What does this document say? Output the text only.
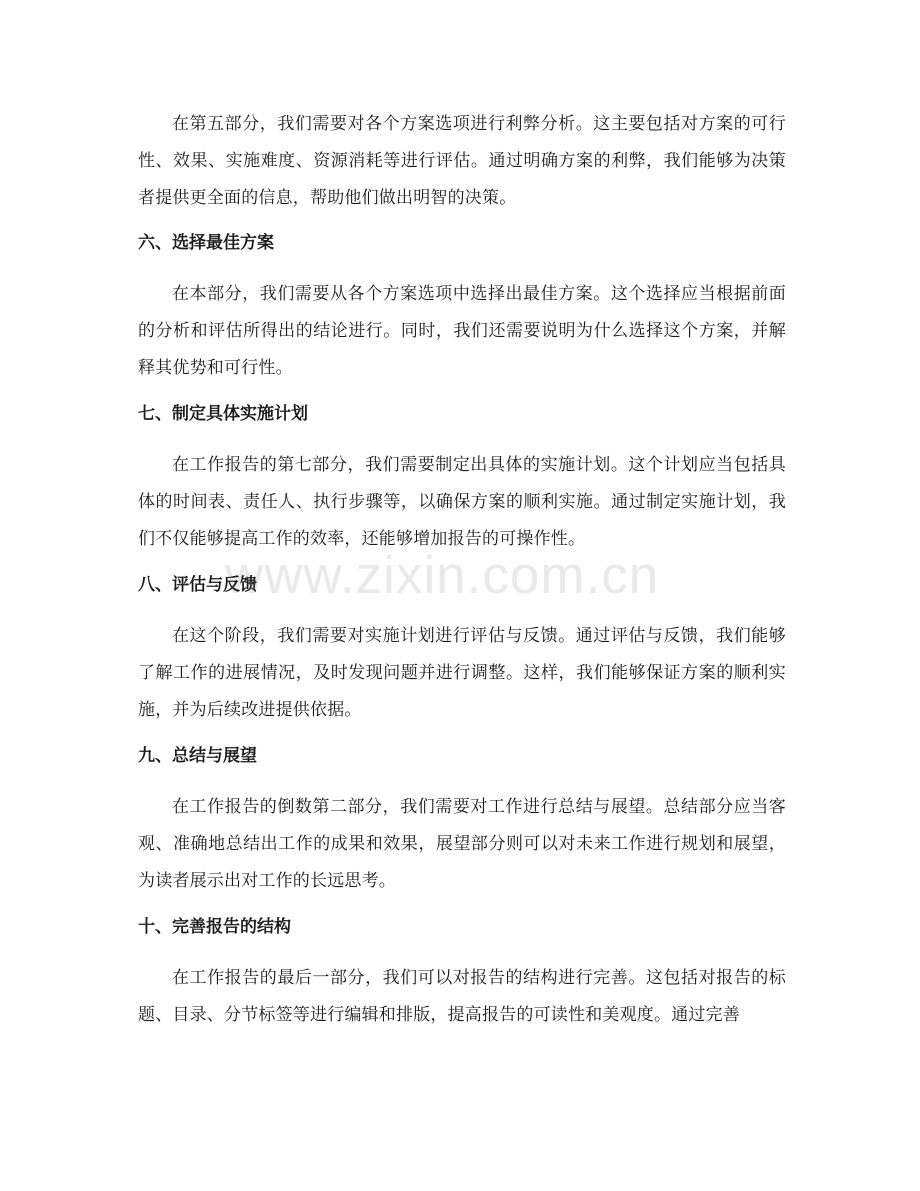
在第五部分，我们需要对各个方案选项进行利弊分析。这主要包括对方案的可行性、效果、实施难度、资源消耗等进行评估。通过明确方案的利弊，我们能够为决策者提供更全面的信息，帮助他们做出明智的决策。

六、选择最佳方案

在本部分，我们需要从各个方案选项中选择出最佳方案。这个选择应当根据前面的分析和评估所得出的结论进行。同时，我们还需要说明为什么选择这个方案，并解释其优势和可行性。

七、制定具体实施计划

在工作报告的第七部分，我们需要制定出具体的实施计划。这个计划应当包括具体的时间表、责任人、执行步骤等，以确保方案的顺利实施。通过制定实施计划，我们不仅能够提高工作的效率，还能够增加报告的可操作性。

八、评估与反馈

在这个阶段，我们需要对实施计划进行评估与反馈。通过评估与反馈，我们能够了解工作的进展情况，及时发现问题并进行调整。这样，我们能够保证方案的顺利实施，并为后续改进提供依据。

九、总结与展望

在工作报告的倒数第二部分，我们需要对工作进行总结与展望。总结部分应当客观、准确地总结出工作的成果和效果，展望部分则可以对未来工作进行规划和展望，为读者展示出对工作的长远思考。

十、完善报告的结构

在工作报告的最后一部分，我们可以对报告的结构进行完善。这包括对报告的标题、目录、分节标签等进行编辑和排版，提高报告的可读性和美观度。通过完善

www.zixin.com.cn
